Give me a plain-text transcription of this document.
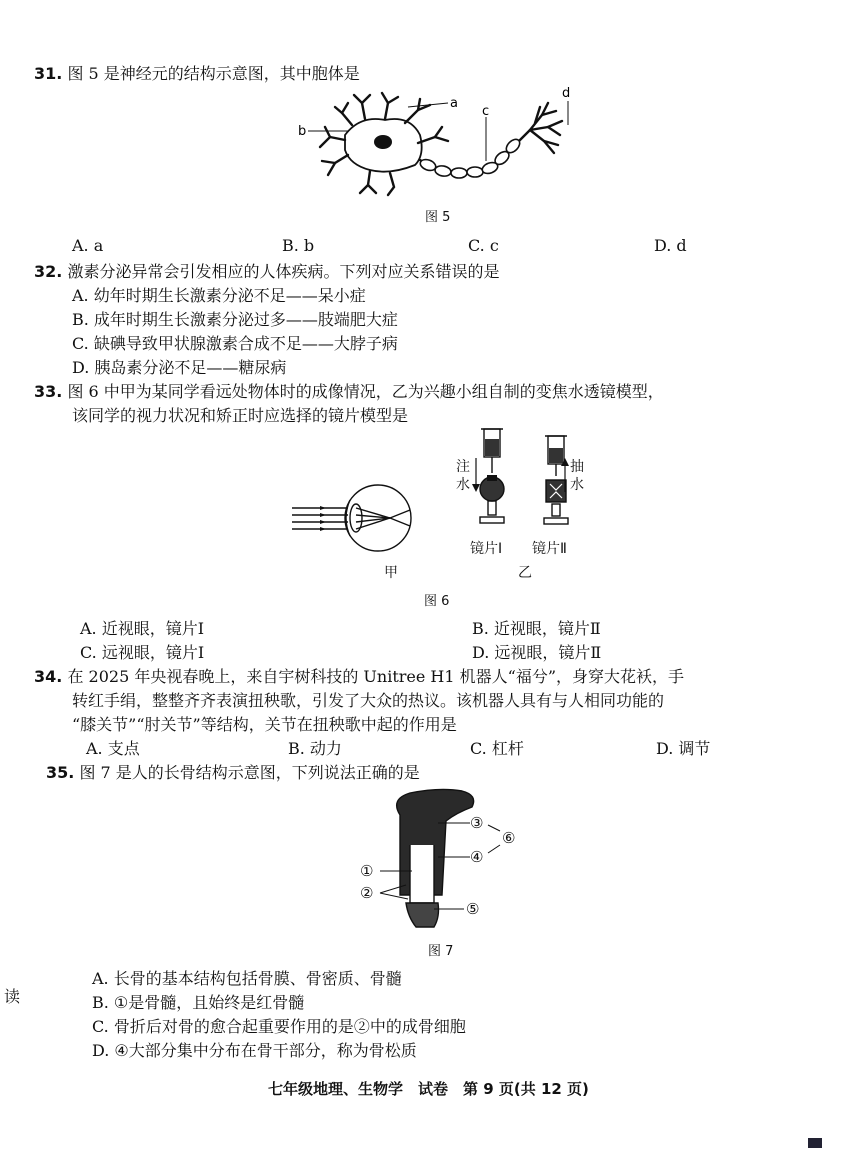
31. 图 5 是神经元的结构示意图，其中胞体是
a
b
c
d
图 5
A. a	B. b	C. c	D. d
32. 激素分泌异常会引发相应的人体疾病。下列对应关系错误的是
A. 幼年时期生长激素分泌不足——呆小症
B. 成年时期生长激素分泌过多——肢端肥大症
C. 缺碘导致甲状腺激素合成不足——大脖子病
D. 胰岛素分泌不足——糖尿病
33. 图 6 中甲为某同学看远处物体时的成像情况，乙为兴趣小组自制的变焦水透镜模型，
该同学的视力状况和矫正时应选择的镜片模型是
甲
注
水
镜片Ⅰ
抽
水
镜片Ⅱ
乙
图 6
A. 近视眼，镜片Ⅰ	B. 近视眼，镜片Ⅱ
C. 远视眼，镜片Ⅰ	D. 远视眼，镜片Ⅱ
34. 在 2025 年央视春晚上，来自宇树科技的 Unitree H1 机器人“福兮”，身穿大花袄，手
转红手绢，整整齐齐表演扭秧歌，引发了大众的热议。该机器人具有与人相同功能的
“膝关节”“肘关节”等结构，关节在扭秧歌中起的作用是
A. 支点	B. 动力	C. 杠杆	D. 调节
35. 图 7 是人的长骨结构示意图，下列说法正确的是
①
②
③
④
⑤
⑥
图 7
读
A. 长骨的基本结构包括骨膜、骨密质、骨髓
B. ①是骨髓，且始终是红骨髓
C. 骨折后对骨的愈合起重要作用的是②中的成骨细胞
D. ④大部分集中分布在骨干部分，称为骨松质
七年级地理、生物学　试卷　第 9 页(共 12 页)
